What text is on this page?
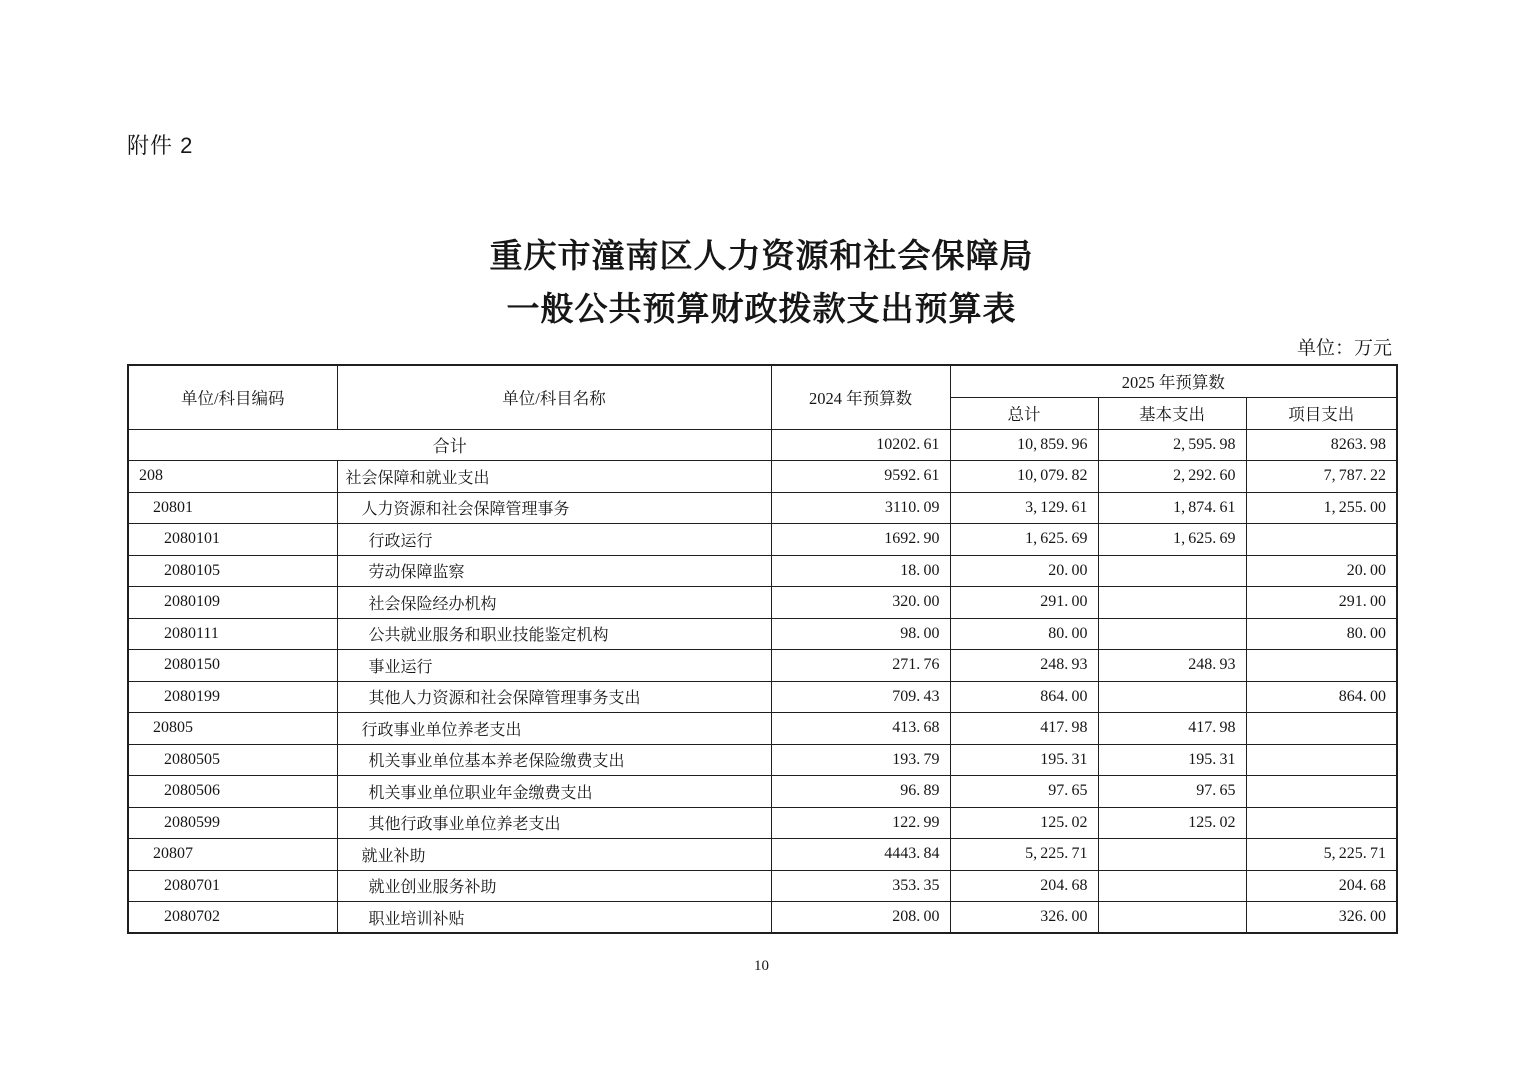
附件 2
重庆市潼南区人力资源和社会保障局
一般公共预算财政拨款支出预算表
单位：万元
单位/科目编码	单位/科目名称	2024 年预算数	2025 年预算数		
			总计	基本支出	项目支出
合计		10202. 61	10, 859. 96	2, 595. 98	8263. 98
208	社会保障和就业支出	9592. 61	10, 079. 82	2, 292. 60	7, 787. 22
20801	人力资源和社会保障管理事务	3110. 09	3, 129. 61	1, 874. 61	1, 255. 00
2080101	行政运行	1692. 90	1, 625. 69	1, 625. 69	
2080105	劳动保障监察	18. 00	20. 00		20. 00
2080109	社会保险经办机构	320. 00	291. 00		291. 00
2080111	公共就业服务和职业技能鉴定机构	98. 00	80. 00		80. 00
2080150	事业运行	271. 76	248. 93	248. 93	
2080199	其他人力资源和社会保障管理事务支出	709. 43	864. 00		864. 00
20805	行政事业单位养老支出	413. 68	417. 98	417. 98	
2080505	机关事业单位基本养老保险缴费支出	193. 79	195. 31	195. 31	
2080506	机关事业单位职业年金缴费支出	96. 89	97. 65	97. 65	
2080599	其他行政事业单位养老支出	122. 99	125. 02	125. 02	
20807	就业补助	4443. 84	5, 225. 71		5, 225. 71
2080701	就业创业服务补助	353. 35	204. 68		204. 68
2080702	职业培训补贴	208. 00	326. 00		326. 00
10
